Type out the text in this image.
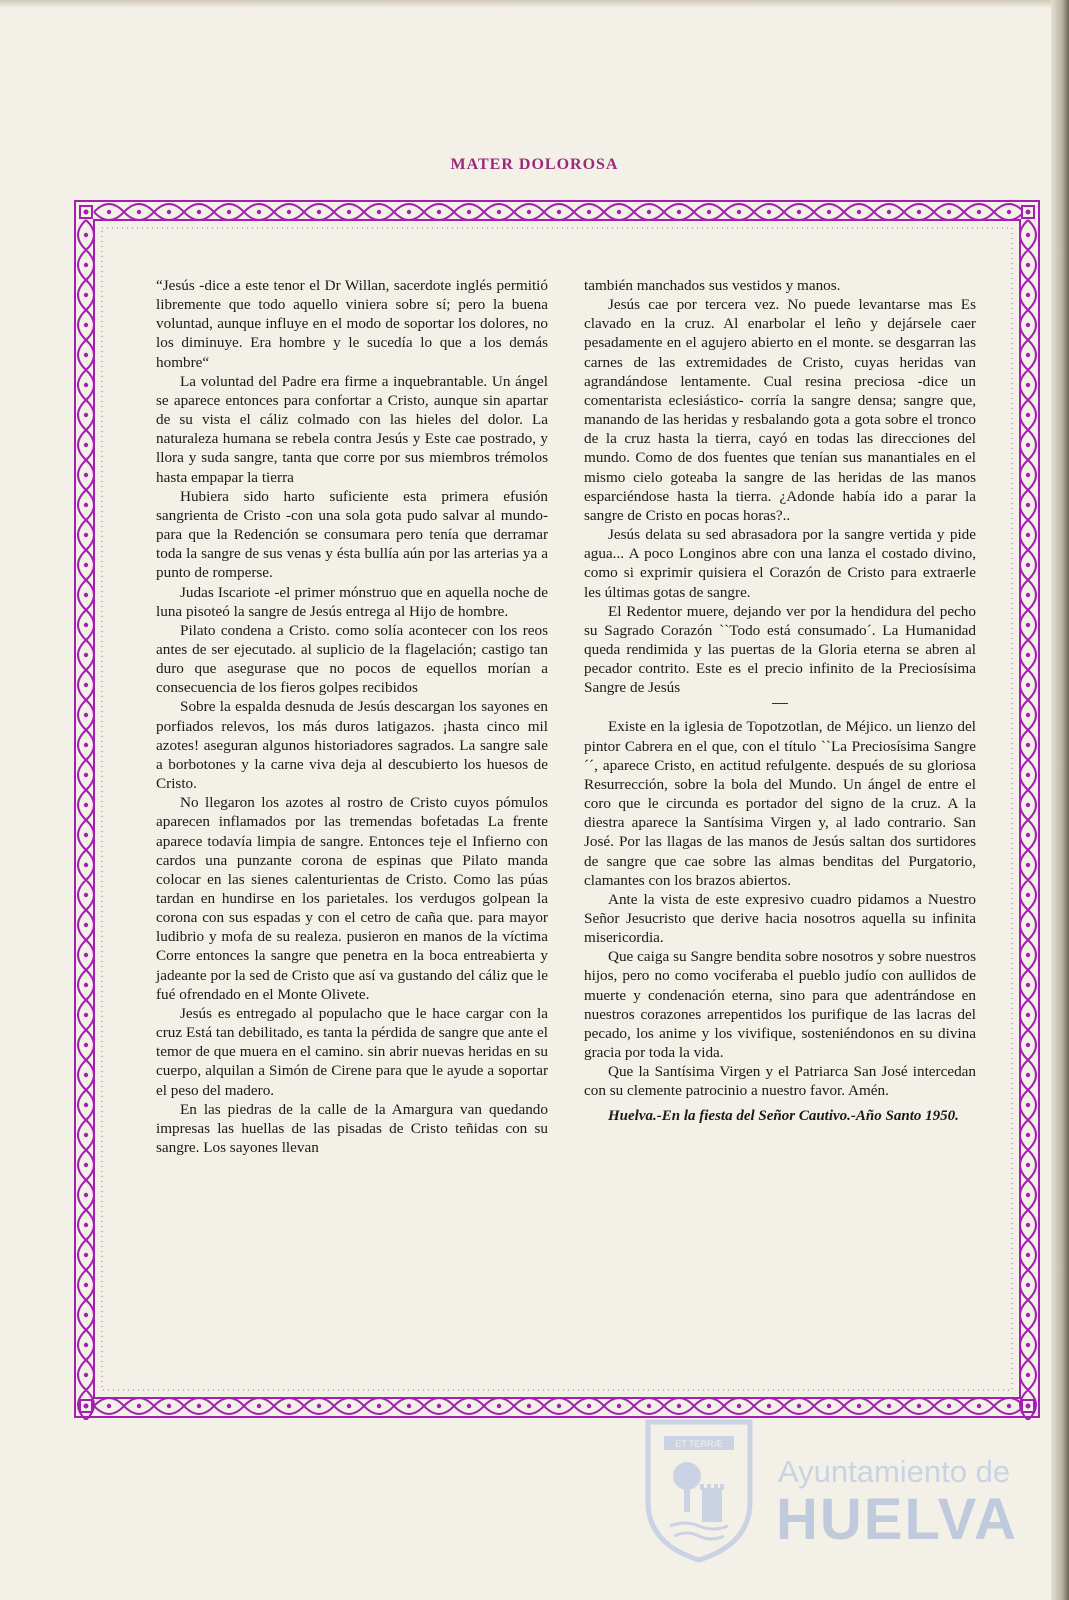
MATER DOLOROSA

“Jesús -dice a este tenor el Dr Willan, sacerdote inglés permitió libremente que todo aquello viniera sobre sí; pero la buena voluntad, aunque influye en el modo de soportar los dolores, no los diminuye. Era hombre y le sucedía lo que a los demás hombre“

La voluntad del Padre era firme a inquebrantable. Un ángel se aparece entonces para confortar a Cristo, aunque sin apartar de su vista el cáliz colmado con las hieles del dolor. La naturaleza humana se rebela contra Jesús y Este cae postrado, y llora y suda sangre, tanta que corre por sus miembros trémolos hasta empapar la tierra

Hubiera sido harto suficiente esta primera efusión sangrienta de Cristo -con una sola gota pudo salvar al mundo- para que la Redención se consumara pero tenía que derramar toda la sangre de sus venas y ésta bullía aún por las arterias ya a punto de romperse.

Judas Iscariote -el primer mónstruo que en aquella noche de luna pisoteó la sangre de Jesús entrega al Hijo de hombre.

Pilato condena a Cristo. como solía acontecer con los reos antes de ser ejecutado. al suplicio de la flagelación; castigo tan duro que asegurase que no pocos de equellos morían a consecuencia de los fieros golpes recibidos

Sobre la espalda desnuda de Jesús descargan los sayones en porfiados relevos, los más duros latigazos. ¡hasta cinco mil azotes! aseguran algunos historiadores sagrados. La sangre sale a borbotones y la carne viva deja al descubierto los huesos de Cristo.

No llegaron los azotes al rostro de Cristo cuyos pómulos aparecen inflamados por las tremendas bofetadas La frente aparece todavía limpia de sangre. Entonces teje el Infierno con cardos una punzante corona de espinas que Pilato manda colocar en las sienes calenturientas de Cristo. Como las púas tardan en hundirse en los parietales. los verdugos golpean la corona con sus espadas y con el cetro de caña que. para mayor ludibrio y mofa de su realeza. pusieron en manos de la víctima Corre entonces la sangre que penetra en la boca entreabierta y jadeante por la sed de Cristo que así va gustando del cáliz que le fué ofrendado en el Monte Olivete.

Jesús es entregado al populacho que le hace cargar con la cruz Está tan debilitado, es tanta la pérdida de sangre que ante el temor de que muera en el camino. sin abrir nuevas heridas en su cuerpo, alquilan a Simón de Cirene para que le ayude a soportar el peso del madero.

En las piedras de la calle de la Amargura van quedando impresas las huellas de las pisadas de Cristo teñidas con su sangre. Los sayones llevan

también manchados sus vestidos y manos.

Jesús cae por tercera vez. No puede levantarse mas Es clavado en la cruz. Al enarbolar el leño y dejársele caer pesadamente en el agujero abierto en el monte. se desgarran las carnes de las extremidades de Cristo, cuyas heridas van agrandándose lentamente. Cual resina preciosa -dice un comentarista eclesiástico- corría la sangre densa; sangre que, manando de las heridas y resbalando gota a gota sobre el tronco de la cruz hasta la tierra, cayó en todas las direcciones del mundo. Como de dos fuentes que tenían sus manantiales en el mismo cielo goteaba la sangre de las heridas de las manos esparciéndose hasta la tierra. ¿Adonde había ido a parar la sangre de Cristo en pocas horas?..

Jesús delata su sed abrasadora por la sangre vertida y pide agua... A poco Longinos abre con una lanza el costado divino, como si exprimir quisiera el Corazón de Cristo para extraerle les últimas gotas de sangre.

El Redentor muere, dejando ver por la hendidura del pecho su Sagrado Corazón ``Todo está consumado´. La Humanidad queda rendimida y las puertas de la Gloria eterna se abren al pecador contrito. Este es el precio infinito de la Preciosísima Sangre de Jesús

Existe en la iglesia de Topotzotlan, de Méjico. un lienzo del pintor Cabrera en el que, con el título ``La Preciosísima Sangre´´, aparece Cristo, en actitud refulgente. después de su gloriosa Resurrección, sobre la bola del Mundo. Un ángel de entre el coro que le circunda es portador del signo de la cruz. A la diestra aparece la Santísima Virgen y, al lado contrario. San José. Por las llagas de las manos de Jesús saltan dos surtidores de sangre que cae sobre las almas benditas del Purgatorio, clamantes con los brazos abiertos.

Ante la vista de este expresivo cuadro pidamos a Nuestro Señor Jesucristo que derive hacia nosotros aquella su infinita misericordia.

Que caiga su Sangre bendita sobre nosotros y sobre nuestros hijos, pero no como vociferaba el pueblo judío con aullidos de muerte y condenación eterna, sino para que adentrándose en nuestros corazones arrepentidos los purifique de las lacras del pecado, los anime y los vivifique, sosteniéndonos en su divina gracia por toda la vida.

Que la Santísima Virgen y el Patriarca San José intercedan con su clemente patrocinio a nuestro favor. Amén.

Huelva.-En la fiesta del Señor Cautivo.-Año Santo 1950.
ET TERRÆ
Ayuntamiento de
HUELVA
